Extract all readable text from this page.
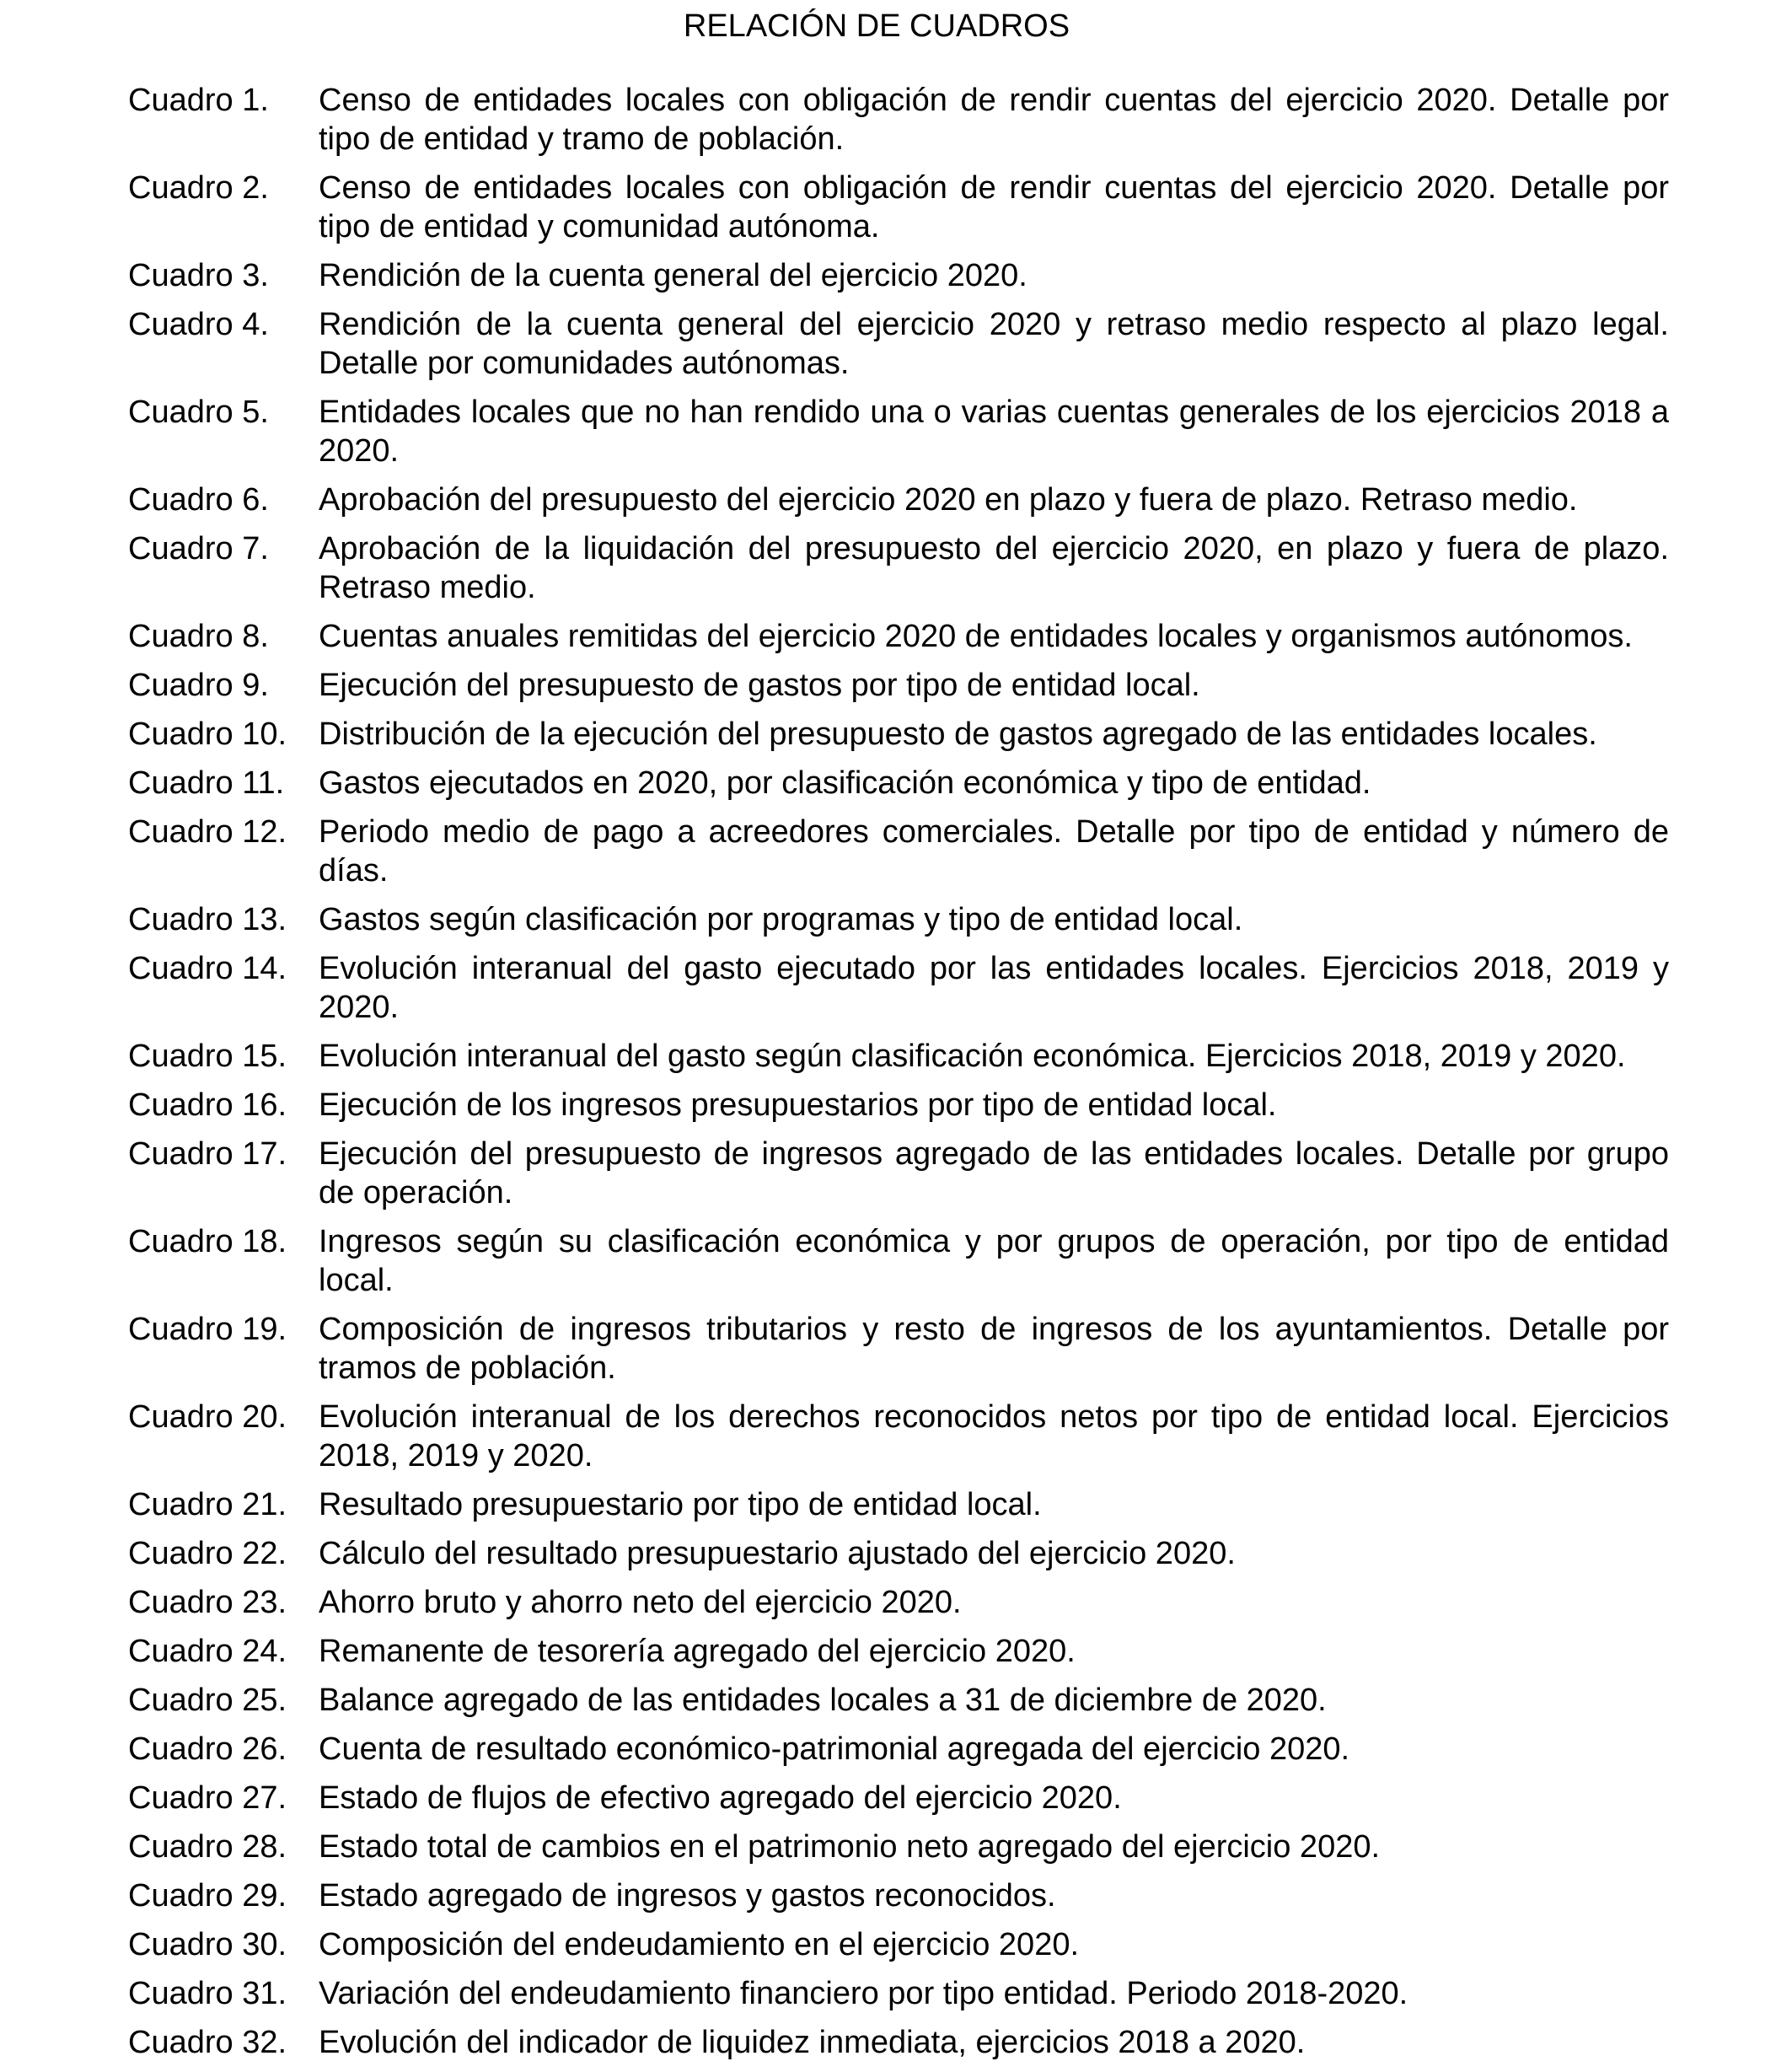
RELACIÓN DE CUADROS
Cuadro 1.	Censo de entidades locales con obligación de rendir cuentas del ejercicio 2020. Detalle por tipo de entidad y tramo de población.
Cuadro 2.	Censo de entidades locales con obligación de rendir cuentas del ejercicio 2020. Detalle por tipo de entidad y comunidad autónoma.
Cuadro 3.	Rendición de la cuenta general del ejercicio 2020.
Cuadro 4.	Rendición de la cuenta general del ejercicio 2020 y retraso medio respecto al plazo legal. Detalle por comunidades autónomas.
Cuadro 5.	Entidades locales que no han rendido una o varias cuentas generales de los ejercicios 2018 a 2020.
Cuadro 6.	Aprobación del presupuesto del ejercicio 2020 en plazo y fuera de plazo. Retraso medio.
Cuadro 7.	Aprobación de la liquidación del presupuesto del ejercicio 2020, en plazo y fuera de plazo. Retraso medio.
Cuadro 8.	Cuentas anuales remitidas del ejercicio 2020 de entidades locales y organismos autónomos.
Cuadro 9.	Ejecución del presupuesto de gastos por tipo de entidad local.
Cuadro 10. Distribución de la ejecución del presupuesto de gastos agregado de las entidades locales.
Cuadro 11.	Gastos ejecutados en 2020, por clasificación económica y tipo de entidad.
Cuadro 12. Periodo medio de pago a acreedores comerciales. Detalle por tipo de entidad y número de días.
Cuadro 13. Gastos según clasificación por programas y tipo de entidad local.
Cuadro 14. Evolución interanual del gasto ejecutado por las entidades locales. Ejercicios 2018, 2019 y 2020.
Cuadro 15. Evolución interanual del gasto según clasificación económica. Ejercicios 2018, 2019 y 2020.
Cuadro 16. Ejecución de los ingresos presupuestarios por tipo de entidad local.
Cuadro 17. Ejecución del presupuesto de ingresos agregado de las entidades locales. Detalle por grupo de operación.
Cuadro 18. Ingresos según su clasificación económica y por grupos de operación, por tipo de entidad local.
Cuadro 19. Composición de ingresos tributarios y resto de ingresos de los ayuntamientos. Detalle por tramos de población.
Cuadro 20. Evolución interanual de los derechos reconocidos netos por tipo de entidad local. Ejercicios 2018, 2019 y 2020.
Cuadro 21. Resultado presupuestario por tipo de entidad local.
Cuadro 22. Cálculo del resultado presupuestario ajustado del ejercicio 2020.
Cuadro 23. Ahorro bruto y ahorro neto del ejercicio 2020.
Cuadro 24. Remanente de tesorería agregado del ejercicio 2020.
Cuadro 25. Balance agregado de las entidades locales a 31 de diciembre de 2020.
Cuadro 26. Cuenta de resultado económico-patrimonial agregada del ejercicio 2020.
Cuadro 27. Estado de flujos de efectivo agregado del ejercicio 2020.
Cuadro 28. Estado total de cambios en el patrimonio neto agregado del ejercicio 2020.
Cuadro 29. Estado agregado de ingresos y gastos reconocidos.
Cuadro 30. Composición del endeudamiento en el ejercicio 2020.
Cuadro 31. Variación del endeudamiento financiero por tipo entidad. Periodo 2018-2020.
Cuadro 32. Evolución del indicador de liquidez inmediata, ejercicios 2018 a 2020.
